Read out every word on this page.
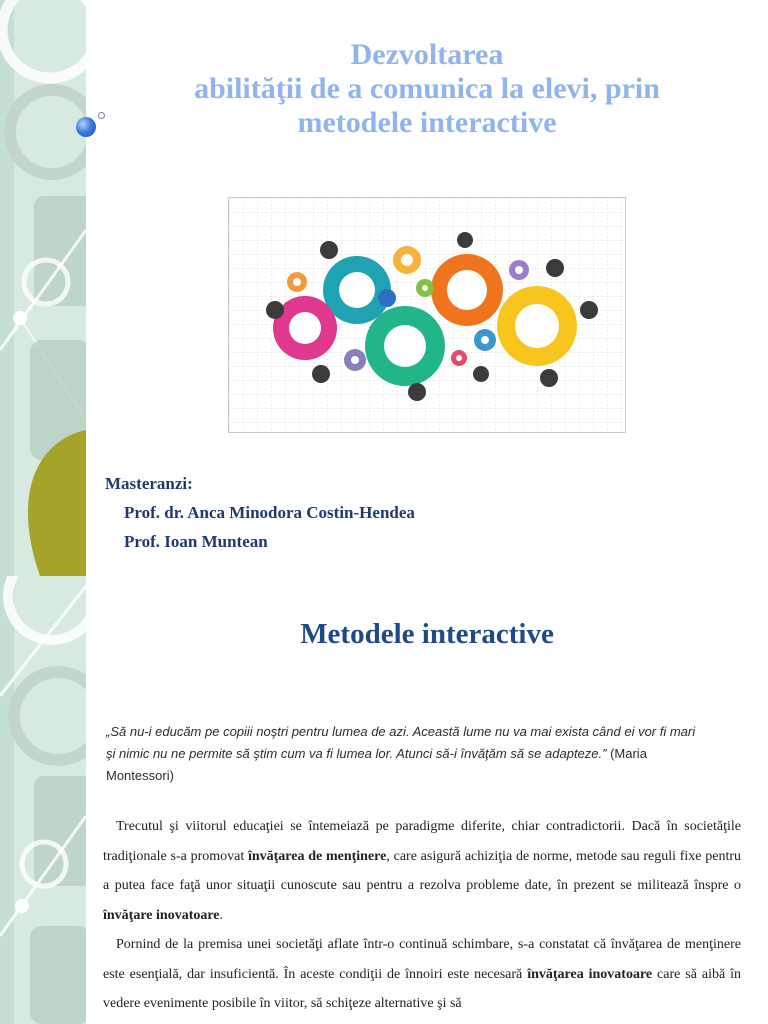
Dezvoltarea
abilităţii de a comunica la elevi, prin
metodele interactive

Masteranzi:

Prof. dr. Anca Minodora Costin-Hendea

Prof. Ioan Muntean

Metodele interactive

„Să nu-i educăm pe copiii noştri pentru lumea de azi. Această lume nu va mai exista când ei vor fi mari şi nimic nu ne permite să ştim cum va fi lumea lor. Atunci să-i învăţăm să se adapteze.” (Maria Montessori)

Trecutul şi viitorul educaţiei se întemeiază pe paradigme diferite, chiar contradictorii. Dacă în societăţile tradiţionale s-a promovat învăţarea de menţinere, care asigură achiziţia de norme, metode sau reguli fixe pentru a putea face faţă unor situaţii cunoscute sau pentru a rezolva probleme date, în prezent se militează înspre o învăţare inovatoare.

Pornind de la premisa unei societăţi aflate într-o continuă schimbare, s-a constatat că învăţarea de menţinere este esenţială, dar insuficientă. În aceste condiţii de înnoiri este necesară învăţarea inovatoare care să aibă în vedere evenimente posibile în viitor, să schiţeze alternative şi să
